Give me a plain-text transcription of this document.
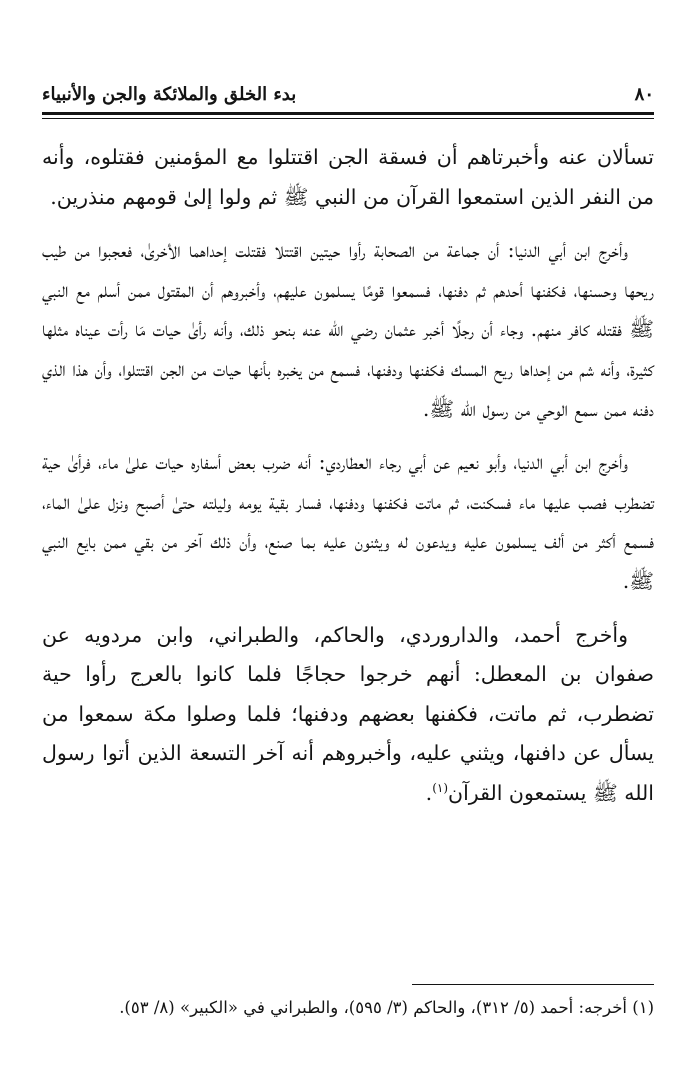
٨٠
بدء الخلق والملائكة والجن والأنبياء

تسألان عنه وأخبرتاهم أن فسقة الجن اقتتلوا مع المؤمنين فقتلوه، وأنه من النفر الذين استمعوا القرآن من النبي ﷺ ثم ولوا إلىٰ قومهم منذرين.

وأخرج ابن أبي الدنيا: أن جماعة من الصحابة رأوا حيتين اقتتلا فقتلت إحداهما الأخرىٰ، فعجبوا من طيب ريحها وحسنها، فكفنها أحدهم ثم دفنها، فسمعوا قومًا يسلمون عليهم، وأخبروهم أن المقتول ممن أسلم مع النبي ﷺ فقتله كافر منهم. وجاء أن رجلًا أخبر عثمان رضي الله عنه بنحو ذلك، وأنه رأىٰ حيات مَا رأت عيناه مثلها كثيرة، وأنه شم من إحداها ريح المسك فكفنها ودفنها، فسمع من يخبره بأنها حيات من الجن اقتتلوا، وأن هذا الذي دفنه ممن سمع الوحي من رسول الله ﷺ.

وأخرج ابن أبي الدنيا، وأبو نعيم عن أبي رجاء العطاردي: أنه ضرب بعض أسفاره حيات علىٰ ماء، فرأىٰ حية تضطرب فصب عليها ماء فسكنت، ثم ماتت فكفنها ودفنها، فسار بقية يومه وليلته حتىٰ أصبح ونزل علىٰ الماء، فسمع أكثر من ألف يسلمون عليه ويدعون له ويثنون عليه بما صنع، وأن ذلك آخر من بقي ممن بايع النبي ﷺ.

وأخرج أحمد، والداروردي، والحاكم، والطبراني، وابن مردويه عن صفوان بن المعطل: أنهم خرجوا حجاجًا فلما كانوا بالعرج رأوا حية تضطرب، ثم ماتت، فكفنها بعضهم ودفنها؛ فلما وصلوا مكة سمعوا من يسأل عن دافنها، ويثني عليه، وأخبروهم أنه آخر التسعة الذين أتوا رسول الله ﷺ يستمعون القرآن$^{(١)}$.

(١) أخرجه: أحمد (٥/ ٣١٢)، والحاكم (٣/ ٥٩٥)، والطبراني في «الكبير» (٨/ ٥٣).
